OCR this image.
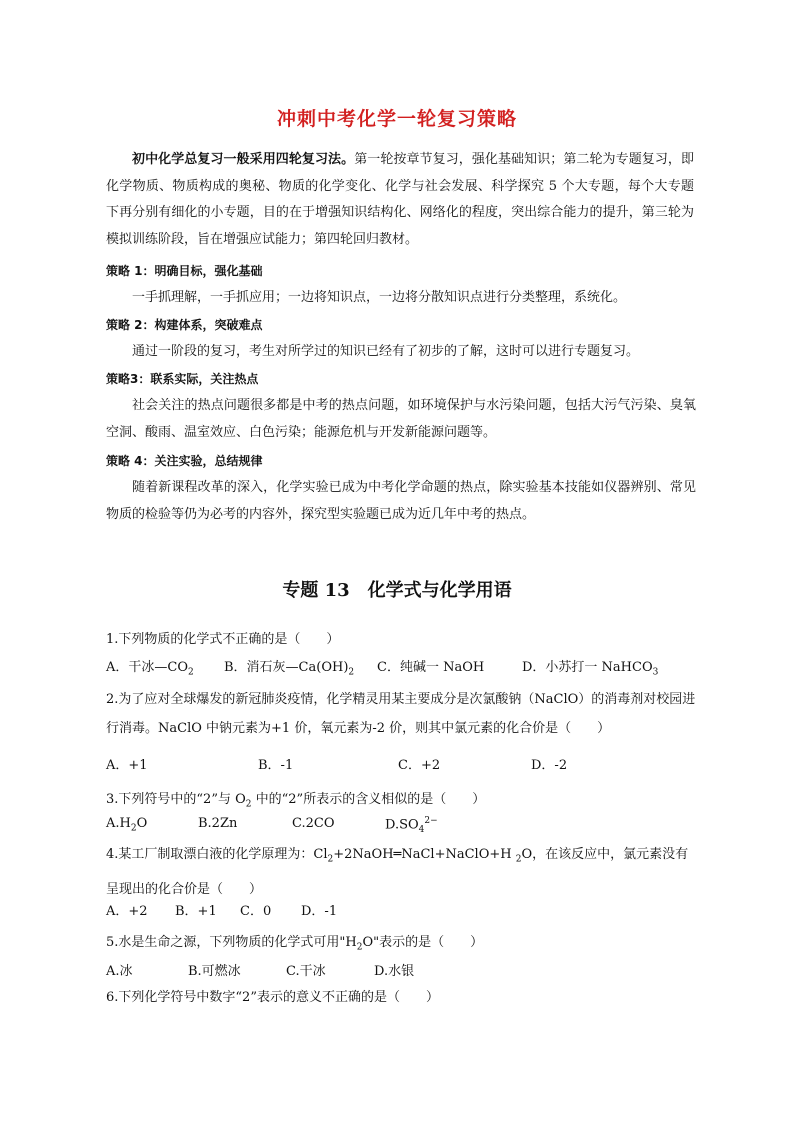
冲刺中考化学一轮复习策略
初中化学总复习一般采用四轮复习法。第一轮按章节复习，强化基础知识；第二轮为专题复习，即化学物质、物质构成的奥秘、物质的化学变化、化学与社会发展、科学探究 5 个大专题，每个大专题下再分别有细化的小专题，目的在于增强知识结构化、网络化的程度，突出综合能力的提升，第三轮为模拟训练阶段，旨在增强应试能力；第四轮回归教材。
策略 1：明确目标，强化基础
一手抓理解，一手抓应用；一边将知识点，一边将分散知识点进行分类整理，系统化。
策略 2：构建体系，突破难点
通过一阶段的复习，考生对所学过的知识已经有了初步的了解，这时可以进行专题复习。
策略3：联系实际，关注热点
社会关注的热点问题很多都是中考的热点问题，如环境保护与水污染问题，包括大污气污染、臭氧空洞、酸雨、温室效应、白色污染；能源危机与开发新能源问题等。
策略 4：关注实验，总结规律
随着新课程改革的深入，化学实验已成为中考化学命题的热点，除实验基本技能如仪器辨别、常见物质的检验等仍为必考的内容外，探究型实验题已成为近几年中考的热点。
专题 13　化学式与化学用语
1.下列物质的化学式不正确的是（　　）
A．干冰$—CO_2$ B．消石灰$—Ca(OH)_2$ C．纯碱一 NaOH	D．小苏打一 NaHCO$_3$
2.为了应对全球爆发的新冠肺炎疫情，化学精灵用某主要成分是次氯酸钠（NaClO）的消毒剂对校园进行消毒。NaClO 中钠元素为+1 价，氧元素为-2 价，则其中氯元素的化合价是（　　）
A．+1	B．-1	C．+2	D．-2
3.下列符号中的“2”与 $O_2$ 中的“2”所表示的含义相似的是（　　）
$A.H_2O$	B.2Zn	C.2CO	$D.SO_4^{2-}$
4.某工厂制取漂白液的化学原理为：$Cl_2+2NaOH═NaCl+NaClO+H$ $_2$O，在该反应中，氯元素没有呈现出的化合价是（　　）
A．+2 B．+1 C．0 D．-1
5.水是生命之源，下列物质的化学式可用"$H_2O$"表示的是（　　）
A.冰	B.可燃冰	C.干冰	D.水银
6.下列化学符号中数字“2”表示的意义不正确的是（　　）
